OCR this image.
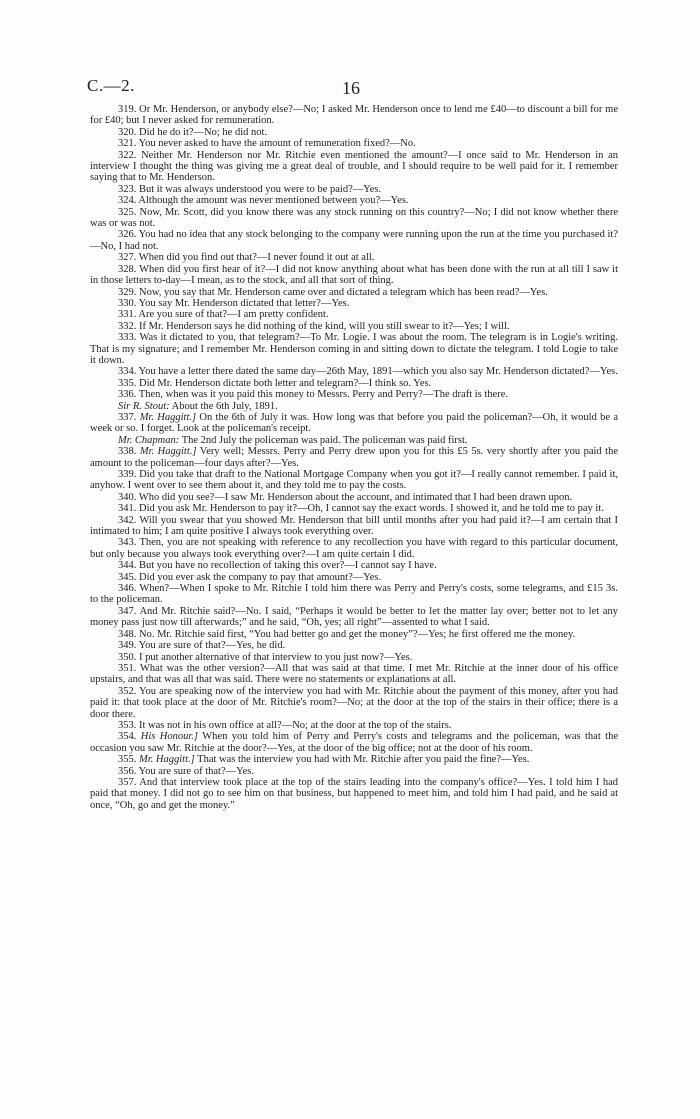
C.—2.	16

319. Or Mr. Henderson, or anybody else?—No; I asked Mr. Henderson once to lend me £40—to discount a bill for me for £40; but I never asked for remuneration.

320. Did he do it?—No; he did not.

321. You never asked to have the amount of remuneration fixed?—No.

322. Neither Mr. Henderson nor Mr. Ritchie even mentioned the amount?—I once said to Mr. Henderson in an interview I thought the thing was giving me a great deal of trouble, and I should require to be well paid for it. I remember saying that to Mr. Henderson.

323. But it was always understood you were to be paid?—Yes.

324. Although the amount was never mentioned between you?—Yes.

325. Now, Mr. Scott, did you know there was any stock running on this country?—No; I did not know whether there was or was not.

326. You had no idea that any stock belonging to the company were running upon the run at the time you purchased it?—No, I had not.

327. When did you find out that?—I never found it out at all.

328. When did you first hear of it?—I did not know anything about what has been done with the run at all till I saw it in those letters to-day—I mean, as to the stock, and all that sort of thing.

329. Now, you say that Mr. Henderson came over and dictated a telegram which has been read?—Yes.

330. You say Mr. Henderson dictated that letter?—Yes.

331. Are you sure of that?—I am pretty confident.

332. If Mr. Henderson says he did nothing of the kind, will you still swear to it?—Yes; I will.

333. Was it dictated to you, that telegram?—To Mr. Logie. I was about the room. The telegram is in Logie's writing. That is my signature; and I remember Mr. Henderson coming in and sitting down to dictate the telegram. I told Logie to take it down.

334. You have a letter there dated the same day—26th May, 1891—which you also say Mr. Henderson dictated?—Yes.

335. Did Mr. Henderson dictate both letter and telegram?—I think so. Yes.

336. Then, when was it you paid this money to Messrs. Perry and Perry?—The draft is there.

Sir R. Stout: About the 6th July, 1891.

337. Mr. Haggitt.] On the 6th of July it was. How long was that before you paid the policeman?—Oh, it would be a week or so. I forget. Look at the policeman's receipt.

Mr. Chapman: The 2nd July the policeman was paid. The policeman was paid first.

338. Mr. Haggitt.] Very well; Messrs. Perry and Perry drew upon you for this £5 5s. very shortly after you paid the amount to the policeman—four days after?—Yes.

339. Did you take that draft to the National Mortgage Company when you got it?—I really cannot remember. I paid it, anyhow. I went over to see them about it, and they told me to pay the costs.

340. Who did you see?—I saw Mr. Henderson about the account, and intimated that I had been drawn upon.

341. Did you ask Mr. Henderson to pay it?—Oh, I cannot say the exact words. I showed it, and he told me to pay it.

342. Will you swear that you showed Mr. Henderson that bill until months after you had paid it?—I am certain that I intimated to him; I am quite positive I always took everything over.

343. Then, you are not speaking with reference to any recollection you have with regard to this particular document, but only because you always took everything over?—I am quite certain I did.

344. But you have no recollection of taking this over?—I cannot say I have.

345. Did you ever ask the company to pay that amount?—Yes.

346. When?—When I spoke to Mr. Ritchie I told him there was Perry and Perry's costs, some telegrams, and £15 3s. to the policeman.

347. And Mr. Ritchie said?—No. I said, “Perhaps it would be better to let the matter lay over; better not to let any money pass just now till afterwards;” and he said, “Oh, yes; all right”—assented to what I said.

348. No. Mr. Ritchie said first, “You had better go and get the money”?—Yes; he first offered me the money.

349. You are sure of that?—Yes, he did.

350. I put another alternative of that interview to you just now?—Yes.

351. What was the other version?—All that was said at that time. I met Mr. Ritchie at the inner door of his office upstairs, and that was all that was said. There were no statements or explanations at all.

352. You are speaking now of the interview you had with Mr. Ritchie about the payment of this money, after you had paid it: that took place at the door of Mr. Ritchie's room?—No; at the door at the top of the stairs in their office; there is a door there.

353. It was not in his own office at all?—No; at the door at the top of the stairs.

354. His Honour.] When you told him of Perry and Perry's costs and telegrams and the policeman, was that the occasion you saw Mr. Ritchie at the door?—Yes, at the door of the big office; not at the door of his room.

355. Mr. Haggitt.] That was the interview you had with Mr. Ritchie after you paid the fine?—Yes.

356. You are sure of that?—Yes.

357. And that interview took place at the top of the stairs leading into the company's office?—Yes. I told him I had paid that money. I did not go to see him on that business, but happened to meet him, and told him I had paid, and he said at once, “Oh, go and get the money.”
